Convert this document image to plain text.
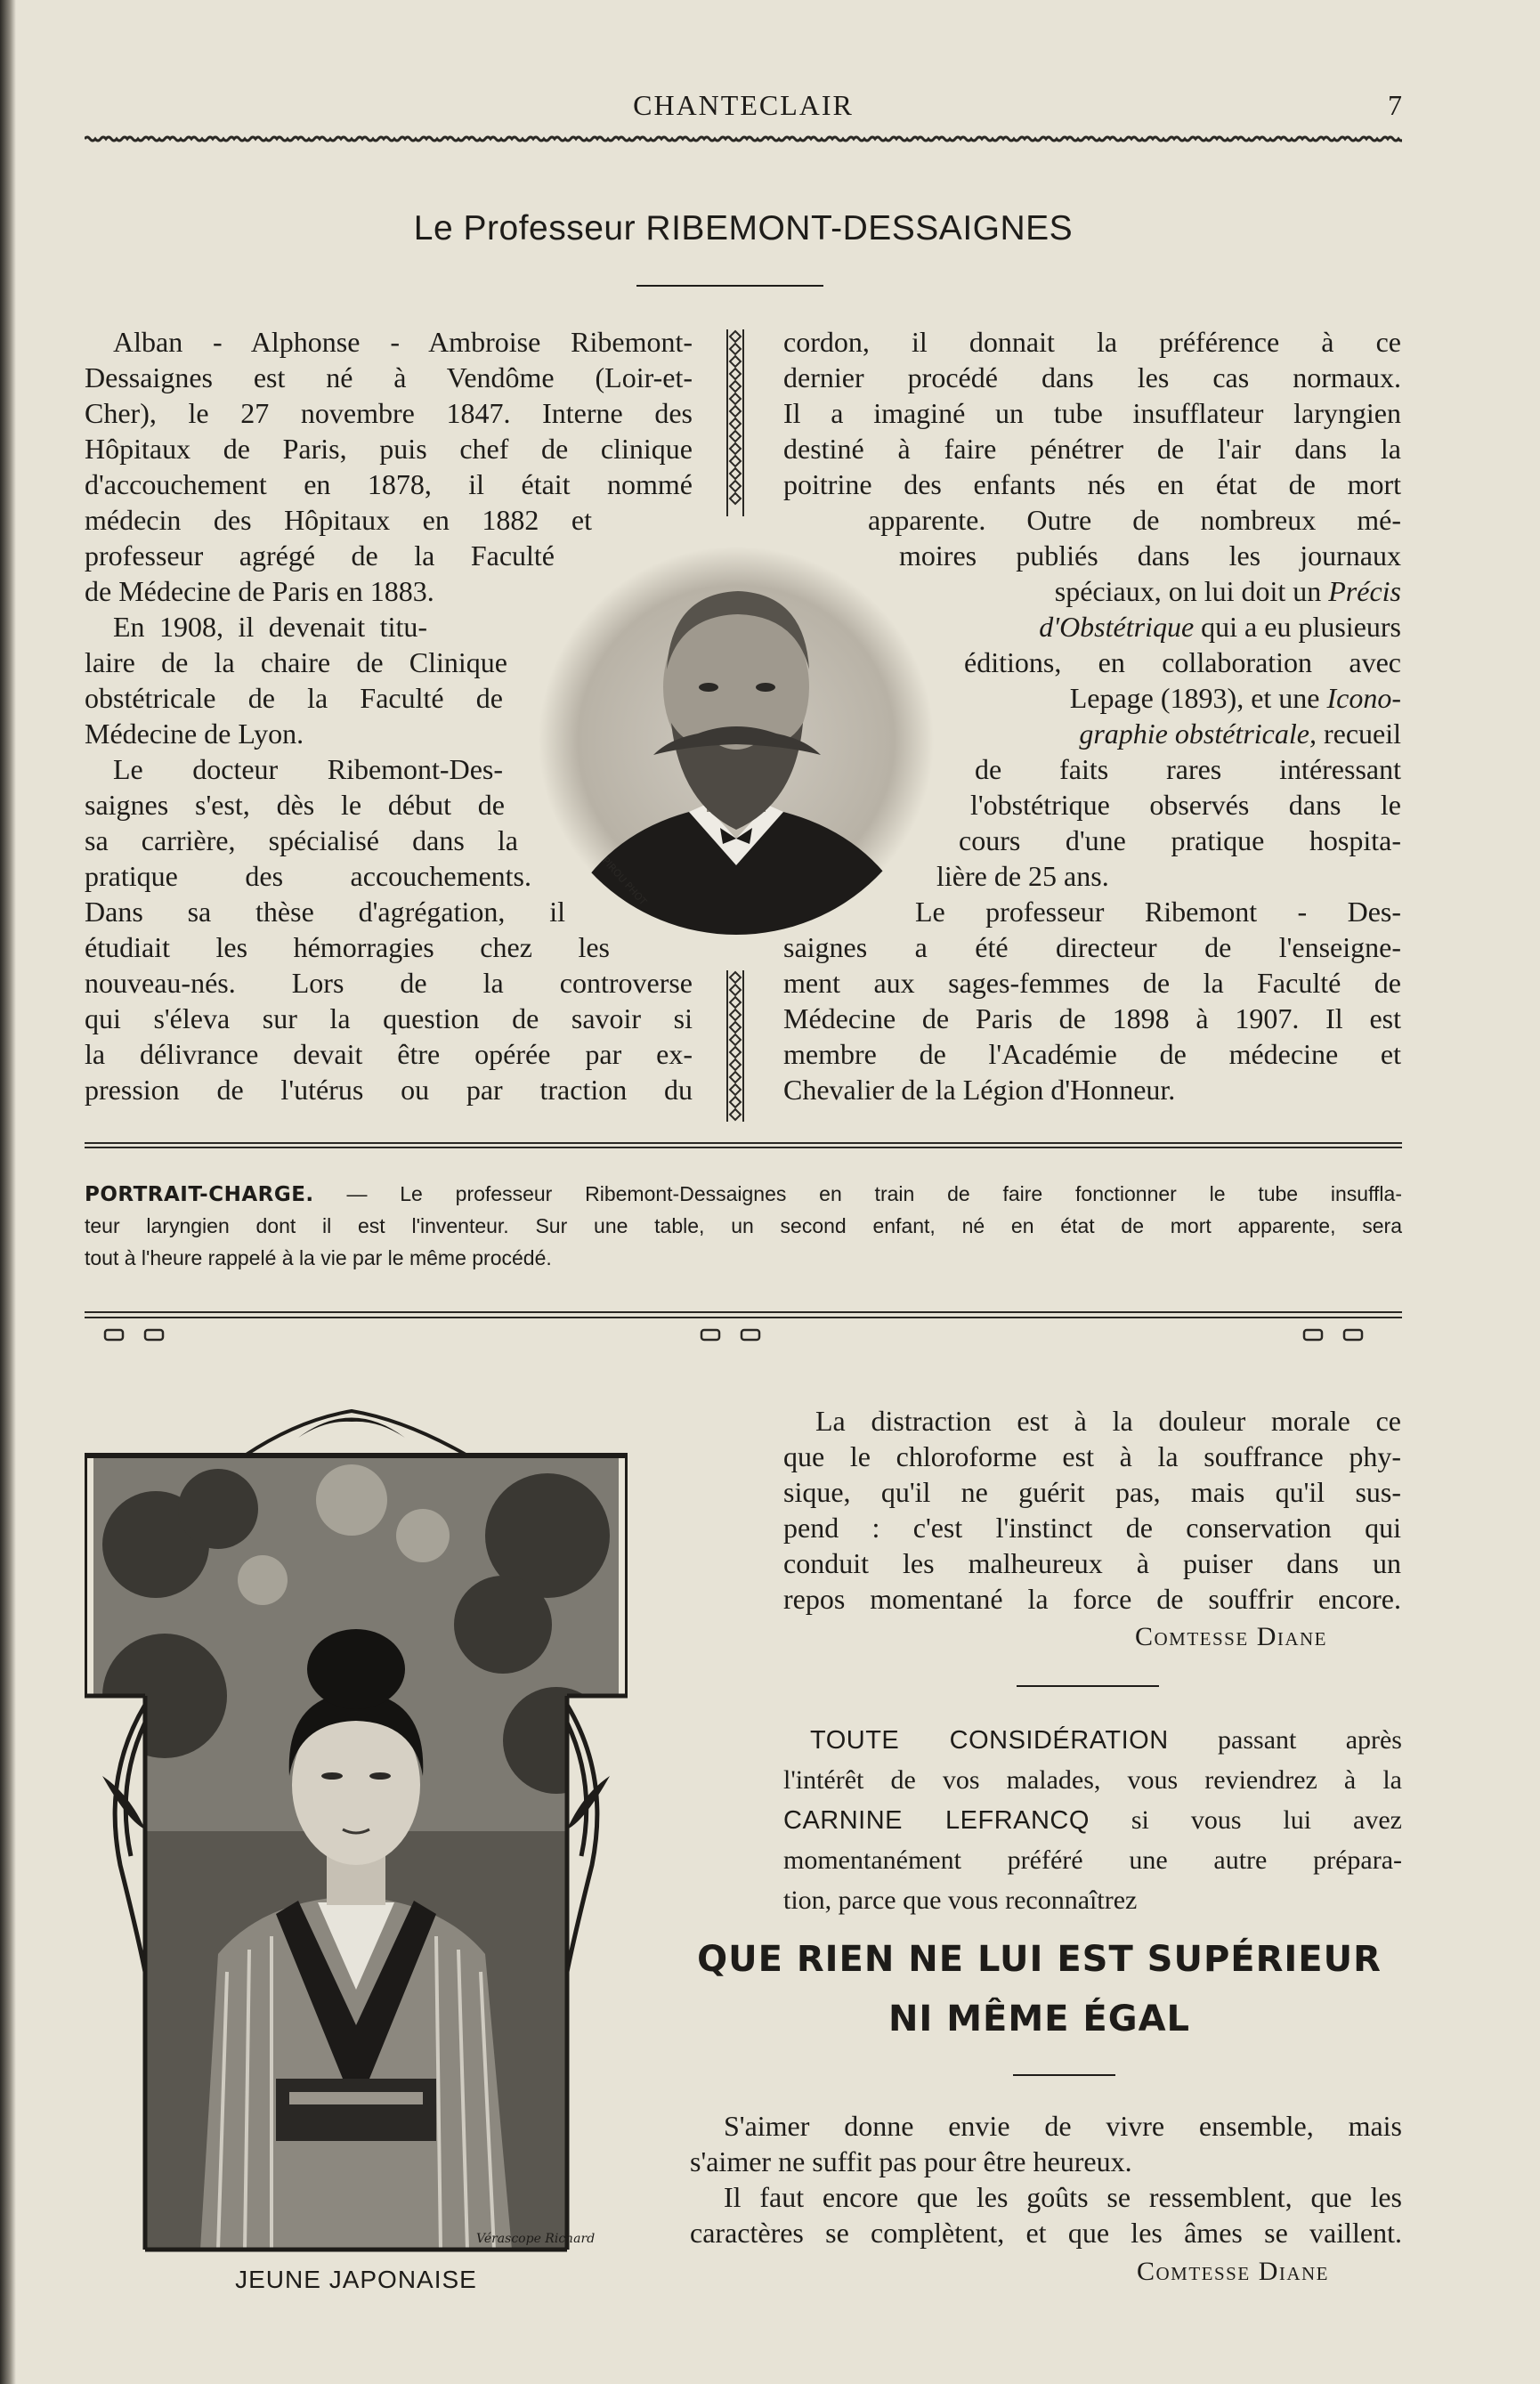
CHANTECLAIR	7
Le Professeur RIBEMONT-DESSAIGNES
Alban - Alphonse - Ambroise Ribemont-
Dessaignes est né à Vendôme (Loir-et-
Cher), le 27 novembre 1847. Interne des
Hôpitaux de Paris, puis chef de clinique
d'accouchement en 1878, il était nommé
médecin des Hôpitaux en 1882 et
professeur agrégé de la Faculté
de Médecine de Paris en 1883.
En 1908, il devenait titu-
laire de la chaire de Clinique
obstétricale de la Faculté de
Médecine de Lyon.
Le docteur Ribemont-Des-
saignes s'est, dès le début de
sa carrière, spécialisé dans la
pratique des accouchements.
Dans sa thèse d'agrégation, il
étudiait les hémorragies chez les
nouveau-nés. Lors de la controverse
qui s'éleva sur la question de savoir si
la délivrance devait être opérée par ex-
pression de l'utérus ou par traction du
cordon, il donnait la préférence à ce
dernier procédé dans les cas normaux.
Il a imaginé un tube insufflateur laryngien
destiné à faire pénétrer de l'air dans la
poitrine des enfants nés en état de mort
apparente. Outre de nombreux mé-
moires publiés dans les journaux
spéciaux, on lui doit un Précis
d'Obstétrique qui a eu plusieurs
éditions, en collaboration avec
Lepage (1893), et une Icono-
graphie obstétricale, recueil
de faits rares intéressant
l'obstétrique observés dans le
cours d'une pratique hospita-
lière de 25 ans.
Le professeur Ribemont - Des-
saignes a été directeur de l'enseigne-
ment aux sages-femmes de la Faculté de
Médecine de Paris de 1898 à 1907. Il est
membre de l'Académie de médecine et
Chevalier de la Légion d'Honneur.
PIROU PHOT
PORTRAIT-CHARGE. — Le professeur Ribemont-Dessaignes en train de faire fonctionner le tube insuffla-
teur laryngien dont il est l'inventeur. Sur une table, un second enfant, né en état de mort apparente, sera
tout à l'heure rappelé à la vie par le même procédé.
Vérascope Richard
JEUNE JAPONAISE
La distraction est à la douleur morale ce
que le chloroforme est à la souffrance phy-
sique, qu'il ne guérit pas, mais qu'il sus-
pend : c'est l'instinct de conservation qui
conduit les malheureux à puiser dans un
repos momentané la force de souffrir encore.
Comtesse Diane
TOUTE CONSIDÉRATION passant après
l'intérêt de vos malades, vous reviendrez à la
CARNINE LEFRANCQ si vous lui avez
momentanément préféré une autre prépara-
tion, parce que vous reconnaîtrez
QUE RIEN NE LUI EST SUPÉRIEUR
NI MÊME ÉGAL
S'aimer donne envie de vivre ensemble, mais
s'aimer ne suffit pas pour être heureux.
Il faut encore que les goûts se ressemblent, que les
caractères se complètent, et que les âmes se vaillent.
Comtesse Diane
